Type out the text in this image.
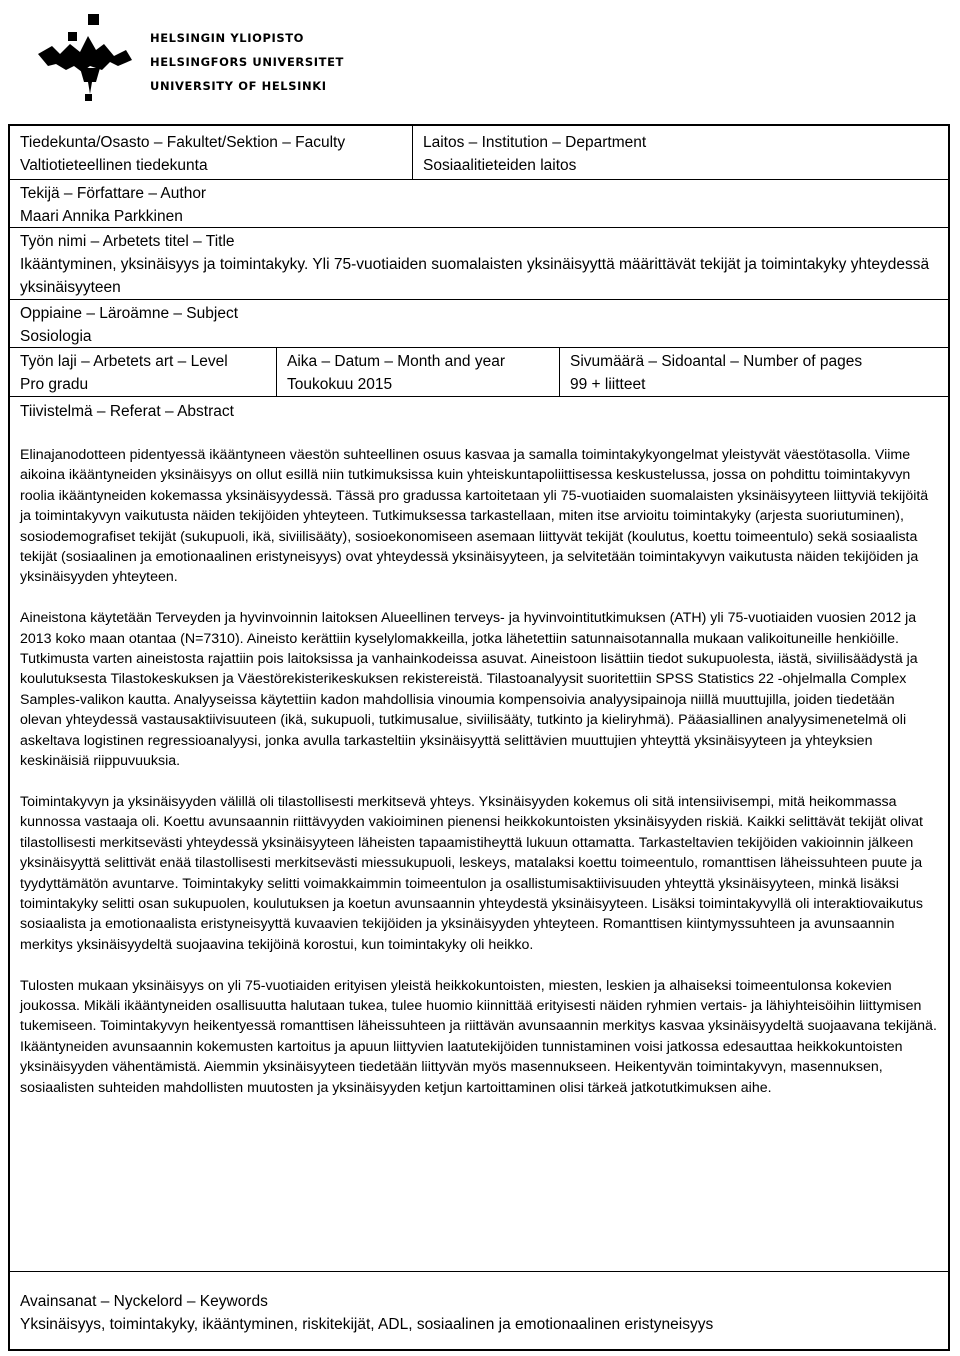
HELSINGIN YLIOPISTO
HELSINGFORS UNIVERSITET
UNIVERSITY OF HELSINKI
Tiedekunta/Osasto – Fakultet/Sektion – Faculty
Valtiotieteellinen tiedekunta
Laitos – Institution – Department
Sosiaalitieteiden laitos
Tekijä – Författare – Author
Maari Annika Parkkinen
Työn nimi – Arbetets titel – Title
Ikääntyminen, yksinäisyys ja toimintakyky. Yli 75-vuotiaiden suomalaisten yksinäisyyttä määrittävät tekijät ja toimintakyky yhteydessä yksinäisyyteen
Oppiaine – Läroämne – Subject
Sosiologia
Työn laji – Arbetets art – Level
Pro gradu
Aika – Datum – Month and year
Toukokuu 2015
Sivumäärä – Sidoantal – Number of pages
99 + liitteet
Tiivistelmä – Referat – Abstract

Elinajanodotteen pidentyessä ikääntyneen väestön suhteellinen osuus kasvaa ja samalla toimintakykyongelmat yleistyvät väestötasolla. Viime aikoina ikääntyneiden yksinäisyys on ollut esillä niin tutkimuksissa kuin yhteiskuntapoliittisessa keskustelussa, jossa on pohdittu toimintakyvyn roolia ikääntyneiden kokemassa yksinäisyydessä. Tässä pro gradussa kartoitetaan yli 75-vuotiaiden suomalaisten yksinäisyyteen liittyviä tekijöitä ja toimintakyvyn vaikutusta näiden tekijöiden yhteyteen. Tutkimuksessa tarkastellaan, miten itse arvioitu toimintakyky (arjesta suoriutuminen), sosiodemografiset tekijät (sukupuoli, ikä, siviilisääty), sosioekonomiseen asemaan liittyvät tekijät (koulutus, koettu toimeentulo) sekä sosiaalista tekijät (sosiaalinen ja emotionaalinen eristyneisyys) ovat yhteydessä yksinäisyyteen, ja selvitetään toimintakyvyn vaikutusta näiden tekijöiden ja yksinäisyyden yhteyteen.

Aineistona käytetään Terveyden ja hyvinvoinnin laitoksen Alueellinen terveys- ja hyvinvointitutkimuksen (ATH) yli 75-vuotiaiden vuosien 2012 ja 2013 koko maan otantaa (N=7310). Aineisto kerättiin kyselylomakkeilla, jotka lähetettiin satunnaisotannalla mukaan valikoituneille henkiöille. Tutkimusta varten aineistosta rajattiin pois laitoksissa ja vanhainkodeissa asuvat. Aineistoon lisättiin tiedot sukupuolesta, iästä, siviilisäädystä ja koulutuksesta Tilastokeskuksen ja Väestörekisterikeskuksen rekistereistä. Tilastoanalyysit suoritettiin SPSS Statistics 22 -ohjelmalla Complex Samples-valikon kautta. Analyyseissa käytettiin kadon mahdollisia vinoumia kompensoivia analyysipainoja niillä muuttujilla, joiden tiedetään olevan yhteydessä vastausaktiivisuuteen (ikä, sukupuoli, tutkimusalue, siviilisääty, tutkinto ja kieliryhmä). Pääasiallinen analyysimenetelmä oli askeltava logistinen regressioanalyysi, jonka avulla tarkasteltiin yksinäisyyttä selittävien muuttujien yhteyttä yksinäisyyteen ja yhteyksien keskinäisiä riippuvuuksia.

Toimintakyvyn ja yksinäisyyden välillä oli tilastollisesti merkitsevä yhteys. Yksinäisyyden kokemus oli sitä intensiivisempi, mitä heikommassa kunnossa vastaaja oli. Koettu avunsaannin riittävyyden vakioiminen pienensi heikkokuntoisten yksinäisyyden riskiä. Kaikki selittävät tekijät olivat tilastollisesti merkitsevästi yhteydessä yksinäisyyteen läheisten tapaamistiheyttä lukuun ottamatta. Tarkasteltavien tekijöiden vakioinnin jälkeen yksinäisyyttä selittivät enää tilastollisesti merkitsevästi miessukupuoli, leskeys, matalaksi koettu toimeentulo, romanttisen läheissuhteen puute ja tyydyttämätön avuntarve. Toimintakyky selitti voimakkaimmin toimeentulon ja osallistumisaktiivisuuden yhteyttä yksinäisyyteen, minkä lisäksi toimintakyky selitti osan sukupuolen, koulutuksen ja koetun avunsaannin yhteydestä yksinäisyyteen. Lisäksi toimintakyvyllä oli interaktiovaikutus sosiaalista ja emotionaalista eristyneisyyttä kuvaavien tekijöiden ja yksinäisyyden yhteyteen. Romanttisen kiintymyssuhteen ja avunsaannin merkitys yksinäisyydeltä suojaavina tekijöinä korostui, kun toimintakyky oli heikko.

Tulosten mukaan yksinäisyys on yli 75-vuotiaiden erityisen yleistä heikkokuntoisten, miesten, leskien ja alhaiseksi toimeentulonsa kokevien joukossa. Mikäli ikääntyneiden osallisuutta halutaan tukea, tulee huomio kiinnittää erityisesti näiden ryhmien vertais- ja lähiyhteisöihin liittymisen tukemiseen. Toimintakyvyn heikentyessä romanttisen läheissuhteen ja riittävän avunsaannin merkitys kasvaa yksinäisyydeltä suojaavana tekijänä. Ikääntyneiden avunsaannin kokemusten kartoitus ja apuun liittyvien laatutekijöiden tunnistaminen voisi jatkossa edesauttaa heikkokuntoisten yksinäisyyden vähentämistä. Aiemmin yksinäisyyteen tiedetään liittyvän myös masennukseen. Heikentyvän toimintakyvyn, masennuksen, sosiaalisten suhteiden mahdollisten muutosten ja yksinäisyyden ketjun kartoittaminen olisi tärkeä jatkotutkimuksen aihe.

Avainsanat – Nyckelord – Keywords
Yksinäisyys, toimintakyky, ikääntyminen, riskitekijät, ADL, sosiaalinen ja emotionaalinen eristyneisyys
